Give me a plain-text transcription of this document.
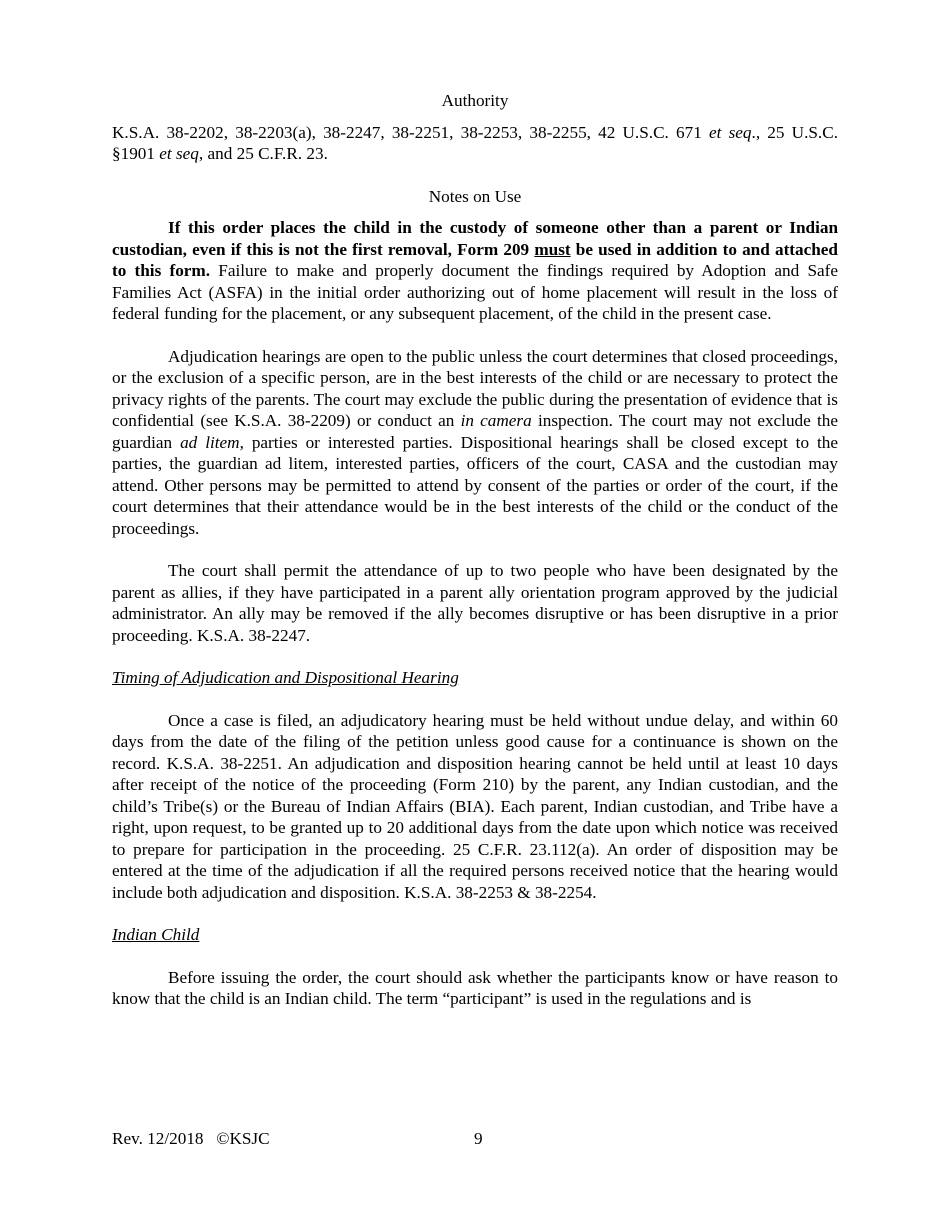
Authority

K.S.A. 38-2202, 38-2203(a), 38-2247, 38-2251, 38-2253, 38-2255, 42 U.S.C. 671 et seq., 25 U.S.C. §1901 et seq, and 25 C.F.R. 23.

Notes on Use

If this order places the child in the custody of someone other than a parent or Indian custodian, even if this is not the first removal, Form 209 must be used in addition to and attached to this form. Failure to make and properly document the findings required by Adoption and Safe Families Act (ASFA) in the initial order authorizing out of home placement will result in the loss of federal funding for the placement, or any subsequent placement, of the child in the present case.

Adjudication hearings are open to the public unless the court determines that closed proceedings, or the exclusion of a specific person, are in the best interests of the child or are necessary to protect the privacy rights of the parents. The court may exclude the public during the presentation of evidence that is confidential (see K.S.A. 38-2209) or conduct an in camera inspection. The court may not exclude the guardian ad litem, parties or interested parties. Dispositional hearings shall be closed except to the parties, the guardian ad litem, interested parties, officers of the court, CASA and the custodian may attend. Other persons may be permitted to attend by consent of the parties or order of the court, if the court determines that their attendance would be in the best interests of the child or the conduct of the proceedings.

The court shall permit the attendance of up to two people who have been designated by the parent as allies, if they have participated in a parent ally orientation program approved by the judicial administrator. An ally may be removed if the ally becomes disruptive or has been disruptive in a prior proceeding. K.S.A. 38-2247.

Timing of Adjudication and Dispositional Hearing

Once a case is filed, an adjudicatory hearing must be held without undue delay, and within 60 days from the date of the filing of the petition unless good cause for a continuance is shown on the record. K.S.A. 38-2251. An adjudication and disposition hearing cannot be held until at least 10 days after receipt of the notice of the proceeding (Form 210) by the parent, any Indian custodian, and the child’s Tribe(s) or the Bureau of Indian Affairs (BIA). Each parent, Indian custodian, and Tribe have a right, upon request, to be granted up to 20 additional days from the date upon which notice was received to prepare for participation in the proceeding. 25 C.F.R. 23.112(a). An order of disposition may be entered at the time of the adjudication if all the required persons received notice that the hearing would include both adjudication and disposition. K.S.A. 38-2253 & 38-2254.

Indian Child

Before issuing the order, the court should ask whether the participants know or have reason to know that the child is an Indian child. The term “participant” is used in the regulations and is

Rev. 12/2018   ©KSJC	9
